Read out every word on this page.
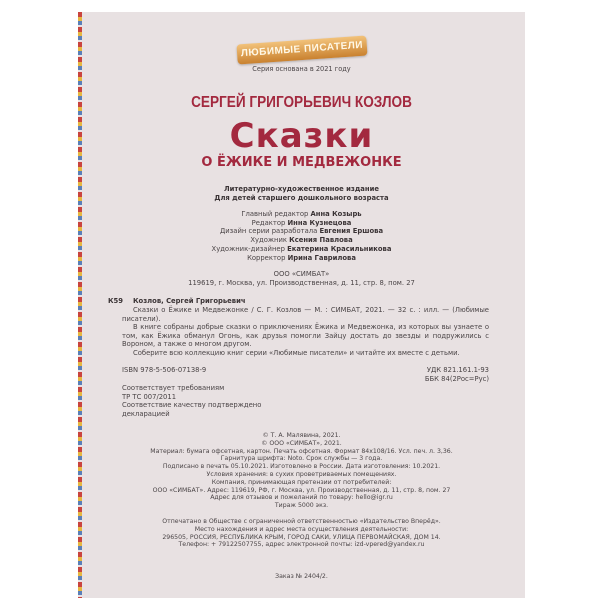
ЛЮБИМЫЕ ПИСАТЕЛИ
Серия основана в 2021 году
СЕРГЕЙ ГРИГОРЬЕВИЧ КОЗЛОВ
Сказки
О ЁЖИКЕ И МЕДВЕЖОНКЕ
Литературно-художественное издание
Для детей старшего дошкольного возраста
Главный редактор Анна Козырь
Редактор Инна Кузнецова
Дизайн серии разработала Евгения Ершова
Художник Ксения Павлова
Художник-дизайнер Екатерина Красильникова
Корректор Ирина Гаврилова
ООО «СИМБАТ»
119619, г. Москва, ул. Производственная, д. 11, стр. 8, пом. 27
К59 Козлов, Сергей Григорьевич
Сказки о Ёжике и Медвежонке / С. Г. Козлов — М. : СИМБАТ, 2021. — 32 с. : илл. — (Любимые писатели).
В книге собраны добрые сказки о приключениях Ёжика и Медвежонка, из которых вы узнаете о том, как Ёжика обманул Огонь, как друзья помогли Зайцу достать до звезды и подружились с Вороном, а также о многом другом.
Соберите всю коллекцию книг серии «Любимые писатели» и читайте их вместе с детьми.
ISBN 978-5-506-07138-9	УДК 821.161.1-93
ББК 84(2Рос=Рус)
Соответствует требованиям
ТР ТС 007/2011
Соответствие качеству подтверждено
декларацией
© Т. А. Малявина, 2021.
© ООО «СИМБАТ», 2021.
Материал: бумага офсетная, картон. Печать офсетная. Формат 84х108/16. Усл. печ. л. 3,36.
Гарнитура шрифта: Noto. Срок службы — 3 года.
Подписано в печать 05.10.2021. Изготовлено в России. Дата изготовления: 10.2021.
Условия хранения: в сухих проветриваемых помещениях.
Компания, принимающая претензии от потребителей:
ООО «СИМБАТ». Адрес: 119619, РФ, г. Москва, ул. Производственная, д. 11, стр. 8, пом. 27
Адрес для отзывов и пожеланий по товару: hello@igr.ru
Тираж 5000 экз.
Отпечатано в Обществе с ограниченной ответственностью «Издательство Вперёд».
Место нахождения и адрес места осуществления деятельности:
296505, РОССИЯ, РЕСПУБЛИКА КРЫМ, ГОРОД САКИ, УЛИЦА ПЕРВОМАЙСКАЯ, ДОМ 14.
Телефон: + 79122507755, адрес электронной почты: izd-vpered@yandex.ru
Заказ № 2404/2.
